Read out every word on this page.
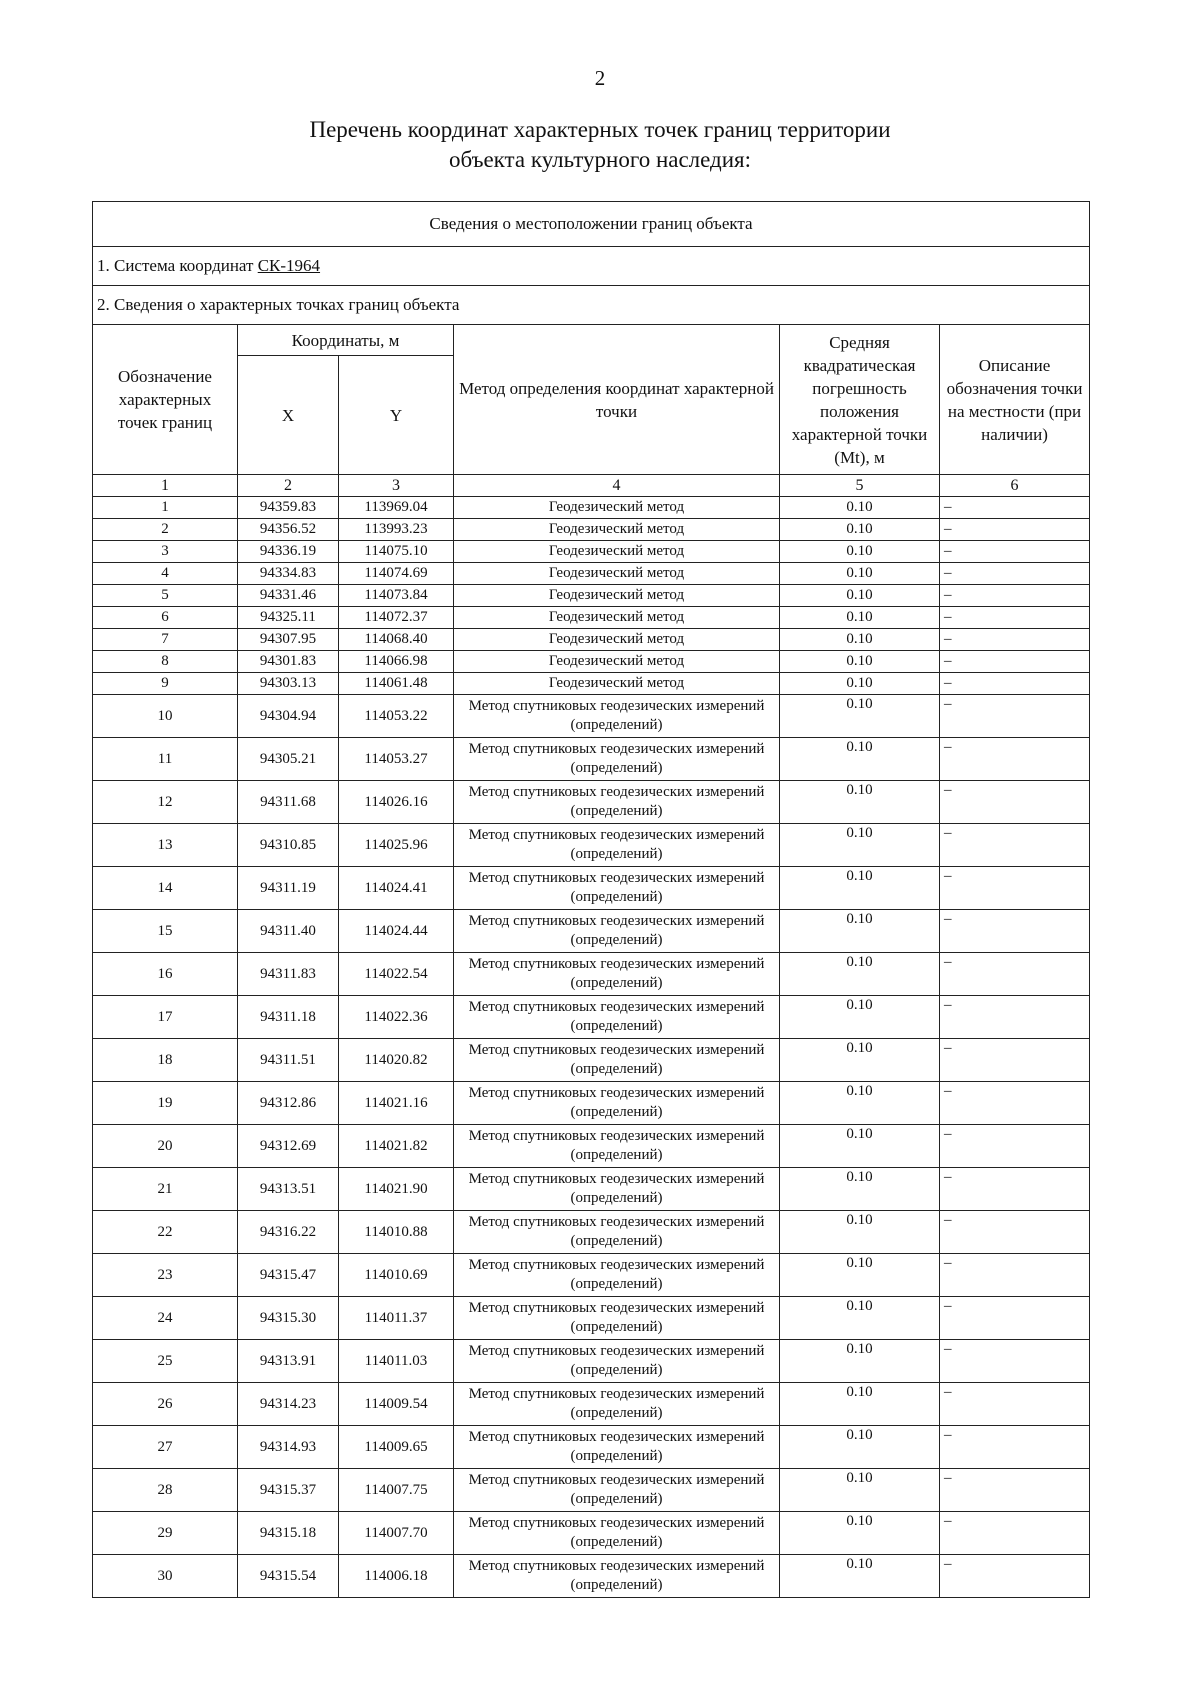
2
Перечень координат характерных точек границ территории
объекта культурного наследия:
Сведения о местоположении границ объекта					
1. Система координат СК-1964					
2. Сведения о характерных точках границ объекта					
Обозначение характерных точек границ	Координаты, м		Метод определения координат характерной точки	Средняя квадратическая погрешность положения характерной точки (Mt), м	Описание обозначения точки на местности (при наличии)
	X	Y			
1	2	3	4	5	6
1	94359.83	113969.04	Геодезический метод	0.10	–
2	94356.52	113993.23	Геодезический метод	0.10	–
3	94336.19	114075.10	Геодезический метод	0.10	–
4	94334.83	114074.69	Геодезический метод	0.10	–
5	94331.46	114073.84	Геодезический метод	0.10	–
6	94325.11	114072.37	Геодезический метод	0.10	–
7	94307.95	114068.40	Геодезический метод	0.10	–
8	94301.83	114066.98	Геодезический метод	0.10	–
9	94303.13	114061.48	Геодезический метод	0.10	–
10	94304.94	114053.22	Метод спутниковых геодезических измерений (определений)	0.10	–
11	94305.21	114053.27	Метод спутниковых геодезических измерений (определений)	0.10	–
12	94311.68	114026.16	Метод спутниковых геодезических измерений (определений)	0.10	–
13	94310.85	114025.96	Метод спутниковых геодезических измерений (определений)	0.10	–
14	94311.19	114024.41	Метод спутниковых геодезических измерений (определений)	0.10	–
15	94311.40	114024.44	Метод спутниковых геодезических измерений (определений)	0.10	–
16	94311.83	114022.54	Метод спутниковых геодезических измерений (определений)	0.10	–
17	94311.18	114022.36	Метод спутниковых геодезических измерений (определений)	0.10	–
18	94311.51	114020.82	Метод спутниковых геодезических измерений (определений)	0.10	–
19	94312.86	114021.16	Метод спутниковых геодезических измерений (определений)	0.10	–
20	94312.69	114021.82	Метод спутниковых геодезических измерений (определений)	0.10	–
21	94313.51	114021.90	Метод спутниковых геодезических измерений (определений)	0.10	–
22	94316.22	114010.88	Метод спутниковых геодезических измерений (определений)	0.10	–
23	94315.47	114010.69	Метод спутниковых геодезических измерений (определений)	0.10	–
24	94315.30	114011.37	Метод спутниковых геодезических измерений (определений)	0.10	–
25	94313.91	114011.03	Метод спутниковых геодезических измерений (определений)	0.10	–
26	94314.23	114009.54	Метод спутниковых геодезических измерений (определений)	0.10	–
27	94314.93	114009.65	Метод спутниковых геодезических измерений (определений)	0.10	–
28	94315.37	114007.75	Метод спутниковых геодезических измерений (определений)	0.10	–
29	94315.18	114007.70	Метод спутниковых геодезических измерений (определений)	0.10	–
30	94315.54	114006.18	Метод спутниковых геодезических измерений (определений)	0.10	–
